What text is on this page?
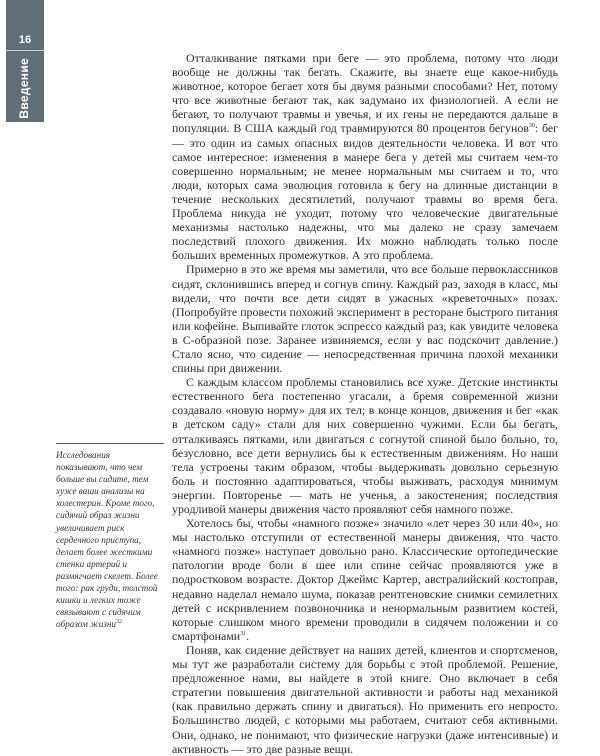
16
Введение

Исследования показывают, что чем больше вы сидите, тем хуже ваши анализы на холестерин. Кроме того, сидячий образ жизни увеличивает риск сердечного приступа, делает более жесткими стенки артерий и размягчает скелет. Более того: рак груди, толстой кишки и легких тоже связывают с сидячим образом жизни$^{32}$

Отталкивание пятками при беге — это проблема, потому что люди вообще не должны так бегать. Скажите, вы знаете еще какое-нибудь животное, которое бегает хотя бы двумя разными способами? Нет, потому что все животные бегают так, как задумано их физиологией. А если не бегают, то получают травмы и увечья, и их гены не передаются дальше в популяции. В США каждый год травмируются 80 процентов бегунов$^{30}$: бег — это один из самых опасных видов деятельности человека. И вот что самое интересное: изменения в манере бега у детей мы считаем чем-то совершенно нормальным; не менее нормальным мы считаем и то, что люди, которых сама эволюция готовила к бегу на длинные дистанции в течение нескольких десятилетий, получают травмы во время бега. Проблема никуда не уходит, потому что человеческие двигательные механизмы настолько надежны, что мы далеко не сразу замечаем последствий плохого движения. Их можно наблюдать только после больших временных промежутков. А это проблема.

Примерно в это же время мы заметили, что все больше первоклассников сидят, склонившись вперед и согнув спину. Каждый раз, заходя в класс, мы видели, что почти все дети сидят в ужасных «креветочных» позах. (Попробуйте провести похожий эксперимент в ресторане быстрого питания или кофейне. Выпивайте глоток эспрессо каждый раз, как увидите человека в С-образной позе. Заранее извиняемся, если у вас подскочит давление.) Стало ясно, что сидение — непосредственная причина плохой механики спины при движении.

С каждым классом проблемы становились все хуже. Детские инстинкты естественного бега постепенно угасали, а бремя современной жизни создавало «новую норму» для их тел; в конце концов, движения и бег «как в детском саду» стали для них совершенно чужими. Если бы бегать, отталкиваясь пятками, или двигаться с согнутой спиной было больно, то, безусловно, все дети вернулись бы к естественным движениям. Но наши тела устроены таким образом, чтобы выдерживать довольно серьезную боль и постоянно адаптироваться, чтобы выживать, расходуя минимум энергии. Повторенье — мать не ученья, а закостенения; последствия уродливой манеры движения часто проявляют себя намного позже.

Хотелось бы, чтобы «намного позже» значило «лет через 30 или 40», но мы настолько отступили от естественной манеры движения, что часто «намного позже» наступает довольно рано. Классические ортопедические патологии вроде боли в шее или спине сейчас проявляются уже в подростковом возрасте. Доктор Джеймс Картер, австралийский костоправ, недавно наделал немало шума, показав рентгеновские снимки семилетних детей с искривлением позвоночника и ненормальным развитием костей, которые слишком много времени проводили в сидячем положении и со смартфонами$^{31}$.

Поняв, как сидение действует на наших детей, клиентов и спортсменов, мы тут же разработали систему для борьбы с этой проблемой. Решение, предложенное нами, вы найдете в этой книге. Оно включает в себя стратегии повышения двигательной активности и работы над механикой (как правильно держать спину и двигаться). Но применить его непросто. Большинство людей, с которыми мы работаем, считают себя активными. Они, однако, не понимают, что физические нагрузки (даже интенсивные) и активность — это две разные вещи.
